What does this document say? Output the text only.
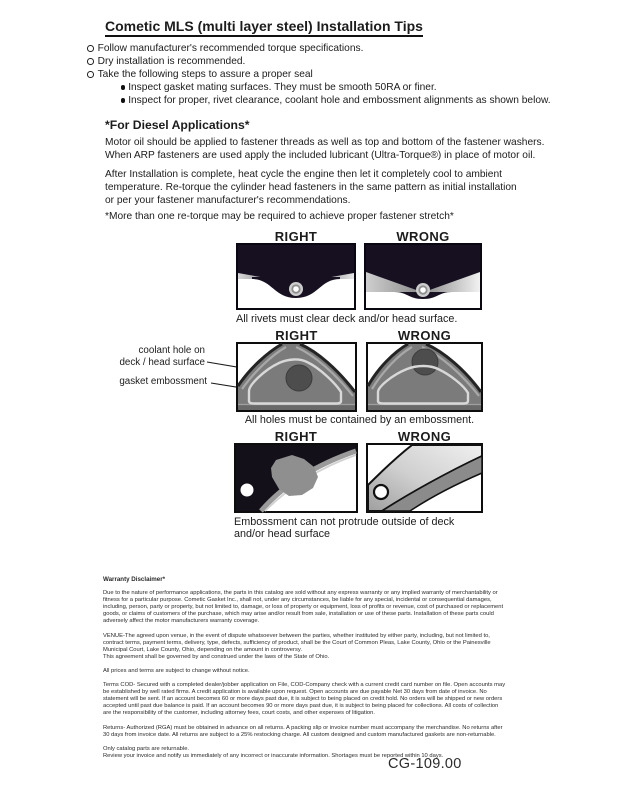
Cometic MLS (multi layer steel) Installation Tips
Follow manufacturer's recommended torque specifications.
Dry installation is recommended.
Take the following steps to assure a proper seal
Inspect gasket mating surfaces. They must be smooth 50RA or finer.
Inspect for proper, rivet clearance, coolant hole and embossment alignments as shown below.
*For Diesel Applications*
Motor oil should be applied to fastener threads as well as top and bottom of the fastener washers.
When ARP fasteners are used apply the included lubricant (Ultra-Torque®) in place of motor oil.
After Installation is complete, heat cycle the engine then let it completely cool to ambient
temperature. Re-torque the cylinder head fasteners in the same pattern as initial installation
or per your fastener manufacturer's recommendations.
*More than one re-torque may be required to achieve proper fastener stretch*
RIGHT	WRONG
All rivets must clear deck and/or head surface.
RIGHT	WRONG
coolant hole on
deck / head surface
gasket embossment
All holes must be contained by an embossment.
RIGHT	WRONG
Embossment can not protrude outside of deck
and/or head surface
Warranty Disclaimer*

Due to the nature of performance applications, the parts in this catalog are sold without any express warranty or any implied warranty of merchantability or
fitness for a particular purpose. Cometic Gasket Inc., shall not, under any circumstances, be liable for any special, incidental or consequential damages,
including, person, party or property, but not limited to, damage, or loss of property or equipment, loss of profits or revenue, cost of purchased or replacement
goods, or claims of customers of the purchase, which may arise and/or result from sale, installation or use of these parts. Installation of these parts could
adversely affect the motor manufacturers warranty coverage.

VENUE-The agreed upon venue, in the event of dispute whatsoever between the parties, whether instituted by either party, including, but not limited to,
contract terms, payment terms, delivery, type, defects, sufficiency of product, shall be the Court of Common Pleas, Lake County, Ohio or the Painesville
Municipal Court, Lake County, Ohio, depending on the amount in controversy.
This agreement shall be governed by and construed under the laws of the State of Ohio.

All prices and terms are subject to change without notice.

Terms COD- Secured with a completed dealer/jobber application on File, COD-Company check with a current credit card number on file. Open accounts may
be established by well rated firms. A credit application is available upon request. Open accounts are due payable Net 30 days from date of invoice. No
statement will be sent. If an account becomes 60 or more days past due, it is subject to being placed on credit hold. No orders will be shipped or new orders
accepted until past due balance is paid. If an account becomes 90 or more days past due, it is subject to being placed for collections. All costs of collection
are the responsibility of the customer, including attorney fees, court costs, and other expenses of litigation.

Returns- Authorized (RGA) must be obtained in advance on all returns. A packing slip or invoice number must accompany the merchandise. No returns after
30 days from invoice date. All returns are subject to a 25% restocking charge. All custom designed and custom manufactured gaskets are non-returnable.

Only catalog parts are returnable.
Review your invoice and notify us immediately of any incorrect or inaccurate information. Shortages must be reported within 10 days.

CG-109.00
